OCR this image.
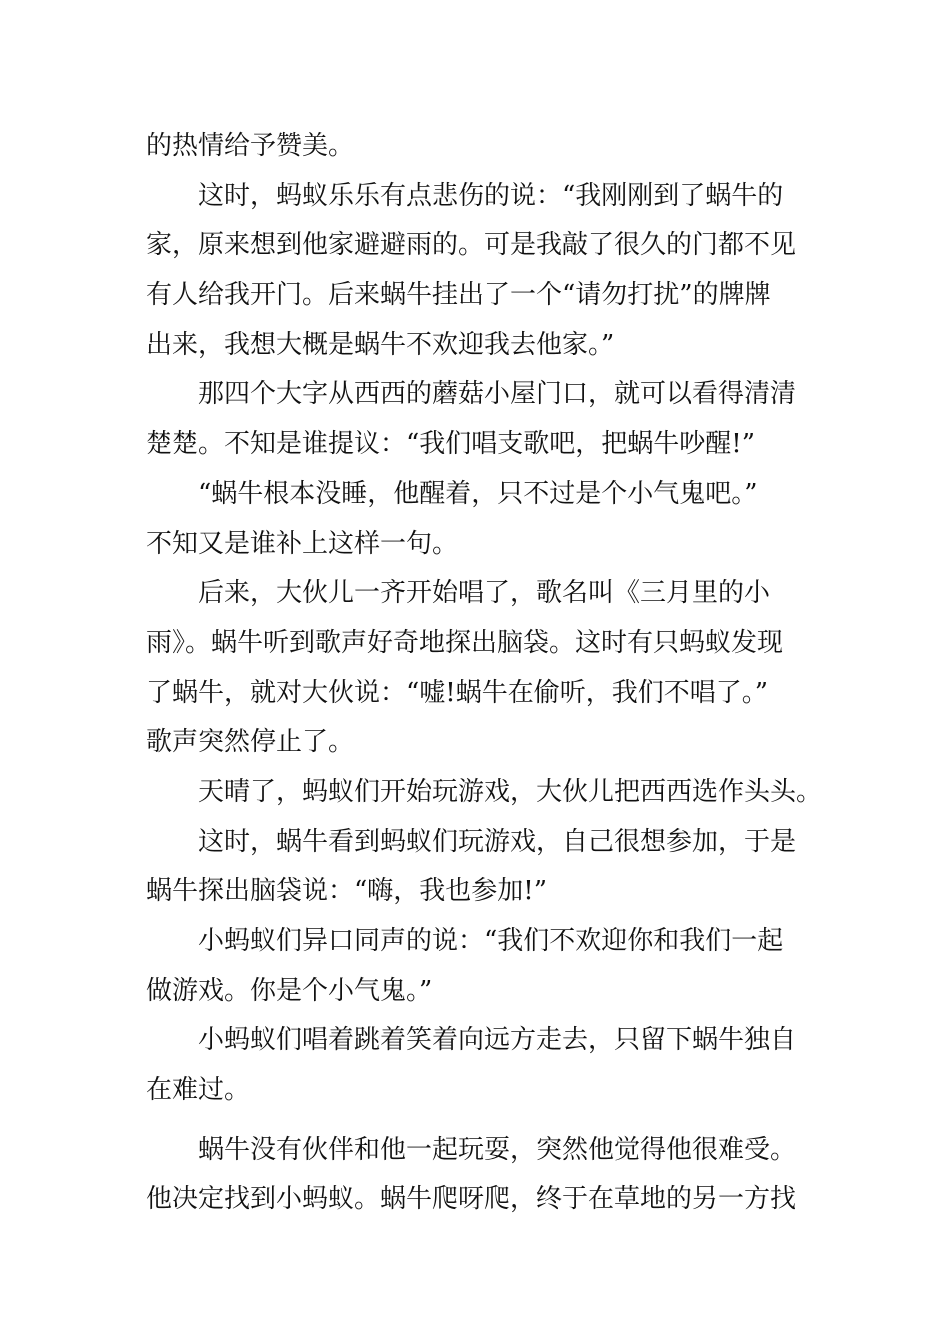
的热情给予赞美。
这时，蚂蚁乐乐有点悲伤的说：“我刚刚到了蜗牛的
家，原来想到他家避避雨的。可是我敲了很久的门都不见
有人给我开门。后来蜗牛挂出了一个“请勿打扰”的牌牌
出来，我想大概是蜗牛不欢迎我去他家。”
那四个大字从西西的蘑菇小屋门口，就可以看得清清
楚楚。不知是谁提议：“我们唱支歌吧，把蜗牛吵醒!”
“蜗牛根本没睡，他醒着，只不过是个小气鬼吧。”
不知又是谁补上这样一句。
后来，大伙儿一齐开始唱了，歌名叫《三月里的小
雨》。蜗牛听到歌声好奇地探出脑袋。这时有只蚂蚁发现
了蜗牛，就对大伙说：“嘘!蜗牛在偷听，我们不唱了。”
歌声突然停止了。
天晴了，蚂蚁们开始玩游戏，大伙儿把西西选作头头。
这时，蜗牛看到蚂蚁们玩游戏，自己很想参加，于是
蜗牛探出脑袋说：“嗨，我也参加!”
小蚂蚁们异口同声的说：“我们不欢迎你和我们一起
做游戏。你是个小气鬼。”
小蚂蚁们唱着跳着笑着向远方走去，只留下蜗牛独自
在难过。
蜗牛没有伙伴和他一起玩耍，突然他觉得他很难受。
他决定找到小蚂蚁。蜗牛爬呀爬，终于在草地的另一方找
